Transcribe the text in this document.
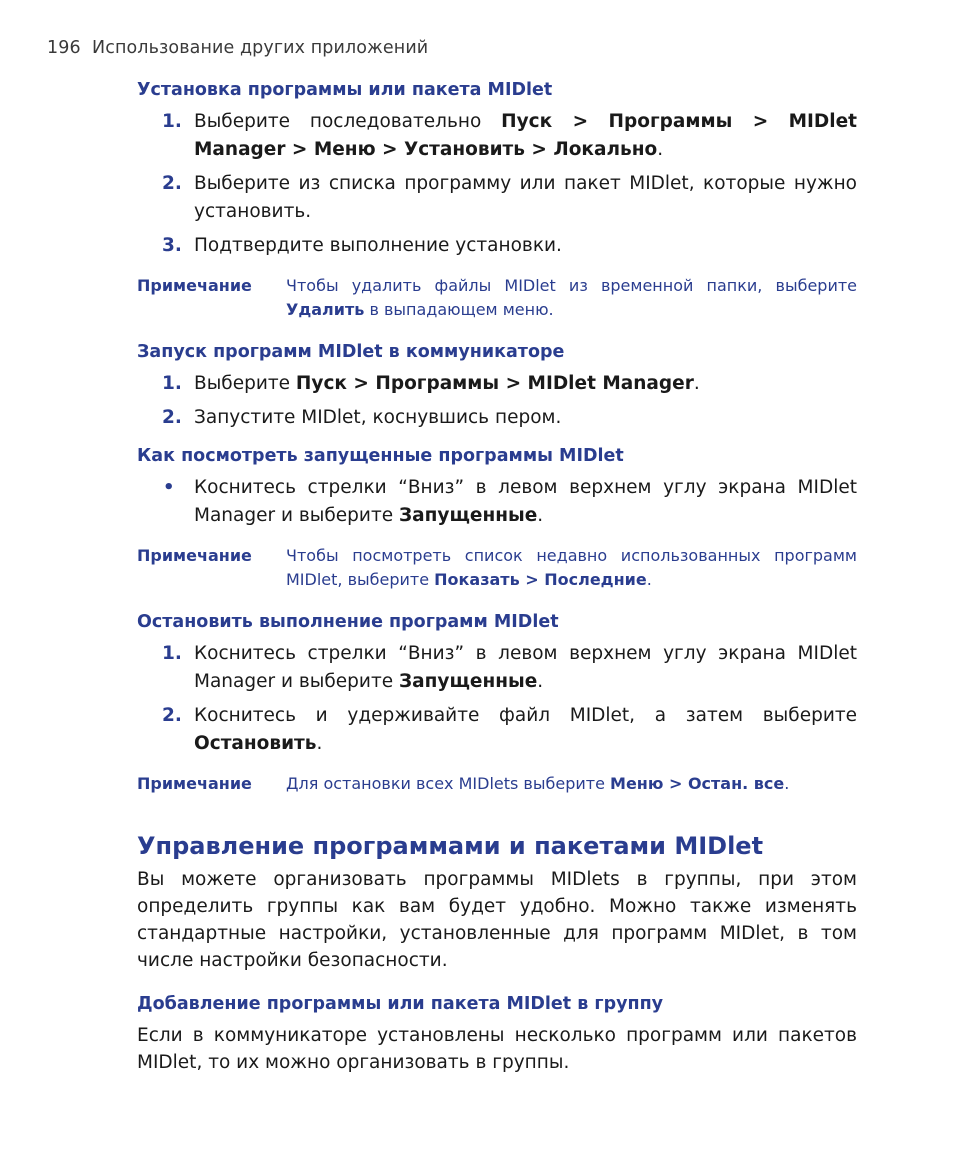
196 Использование других приложений
Установка программы или пакета MIDlet
1. Выберите последовательно Пуск > Программы > MIDlet Manager > Меню > Установить > Локально.
2. Выберите из списка программу или пакет MIDlet, которые нужно установить.
3. Подтвердите выполнение установки.
Примечание	Чтобы удалить файлы MIDlet из временной папки, выберите Удалить в выпадающем меню.
Запуск программ MIDlet в коммуникаторе
1. Выберите Пуск > Программы > MIDlet Manager.
2. Запустите MIDlet, коснувшись пером.
Как посмотреть запущенные программы MIDlet
•	Коснитесь стрелки “Вниз” в левом верхнем углу экрана MIDlet Manager и выберите Запущенные.
Примечание	Чтобы посмотреть список недавно использованных программ MIDlet, выберите Показать > Последние.
Остановить выполнение программ MIDlet
1. Коснитесь стрелки “Вниз” в левом верхнем углу экрана MIDlet Manager и выберите Запущенные.
2. Коснитесь и удерживайте файл MIDlet, а затем выберите Остановить.
Примечание	Для остановки всех MIDlets выберите Меню > Остан. все.
Управление программами и пакетами MIDlet

Вы можете организовать программы MIDlets в группы, при этом определить группы как вам будет удобно. Можно также изменять стандартные настройки, установленные для программ MIDlet, в том числе настройки безопасности.

Добавление программы или пакета MIDlet в группу

Если в коммуникаторе установлены несколько программ или пакетов MIDlet, то их можно организовать в группы.
